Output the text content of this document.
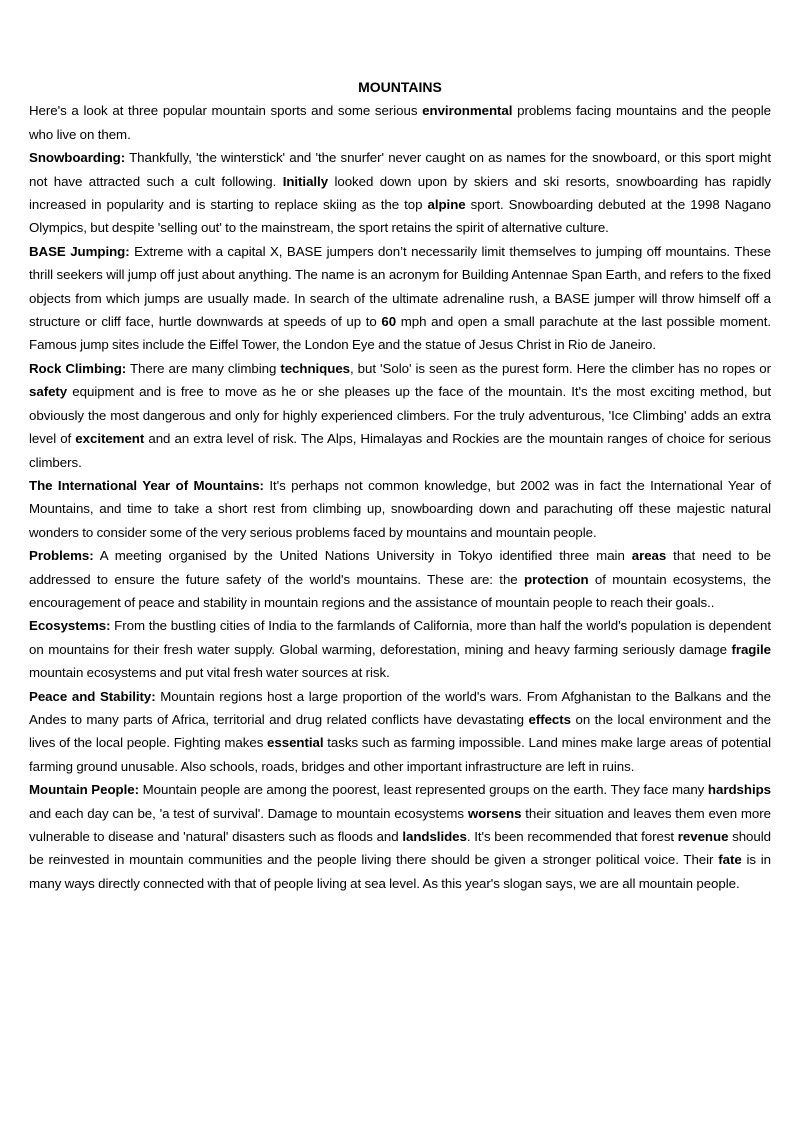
MOUNTAINS

Here's a look at three popular mountain sports and some serious environmental problems facing mountains and the people who live on them.

Snowboarding: Thankfully, 'the winterstick' and 'the snurfer' never caught on as names for the snowboard, or this sport might not have attracted such a cult following. Initially looked down upon by skiers and ski resorts, snowboarding has rapidly increased in popularity and is starting to replace skiing as the top alpine sport. Snowboarding debuted at the 1998 Nagano Olympics, but despite 'selling out' to the mainstream, the sport retains the spirit of alternative culture.

BASE Jumping: Extreme with a capital X, BASE jumpers don’t necessarily limit themselves to jumping off mountains. These thrill seekers will jump off just about anything. The name is an acronym for Building Antennae Span Earth, and refers to the fixed objects from which jumps are usually made. In search of the ultimate adrenaline rush, a BASE jumper will throw himself off a structure or cliff face, hurtle downwards at speeds of up to 60 mph and open a small parachute at the last possible moment. Famous jump sites include the Eiffel Tower, the London Eye and the statue of Jesus Christ in Rio de Janeiro.

Rock Climbing: There are many climbing techniques, but 'Solo' is seen as the purest form. Here the climber has no ropes or safety equipment and is free to move as he or she pleases up the face of the mountain. It's the most exciting method, but obviously the most dangerous and only for highly experienced climbers. For the truly adventurous, 'Ice Climbing' adds an extra level of excitement and an extra level of risk. The Alps, Himalayas and Rockies are the mountain ranges of choice for serious climbers.

The International Year of Mountains: It's perhaps not common knowledge, but 2002 was in fact the International Year of Mountains, and time to take a short rest from climbing up, snowboarding down and parachuting off these majestic natural wonders to consider some of the very serious problems faced by mountains and mountain people.

Problems: A meeting organised by the United Nations University in Tokyo identified three main areas that need to be addressed to ensure the future safety of the world's mountains. These are: the protection of mountain ecosystems, the encouragement of peace and stability in mountain regions and the assistance of mountain people to reach their goals..

Ecosystems: From the bustling cities of India to the farmlands of California, more than half the world's population is dependent on mountains for their fresh water supply. Global warming, deforestation, mining and heavy farming seriously damage fragile mountain ecosystems and put vital fresh water sources at risk.

Peace and Stability: Mountain regions host a large proportion of the world's wars. From Afghanistan to the Balkans and the Andes to many parts of Africa, territorial and drug related conflicts have devastating effects on the local environment and the lives of the local people. Fighting makes essential tasks such as farming impossible. Land mines make large areas of potential farming ground unusable. Also schools, roads, bridges and other important infrastructure are left in ruins.

Mountain People: Mountain people are among the poorest, least represented groups on the earth. They face many hardships and each day can be, 'a test of survival'. Damage to mountain ecosystems worsens their situation and leaves them even more vulnerable to disease and 'natural' disasters such as floods and landslides. It's been recommended that forest revenue should be reinvested in mountain communities and the people living there should be given a stronger political voice. Their fate is in many ways directly connected with that of people living at sea level. As this year's slogan says, we are all mountain people.
